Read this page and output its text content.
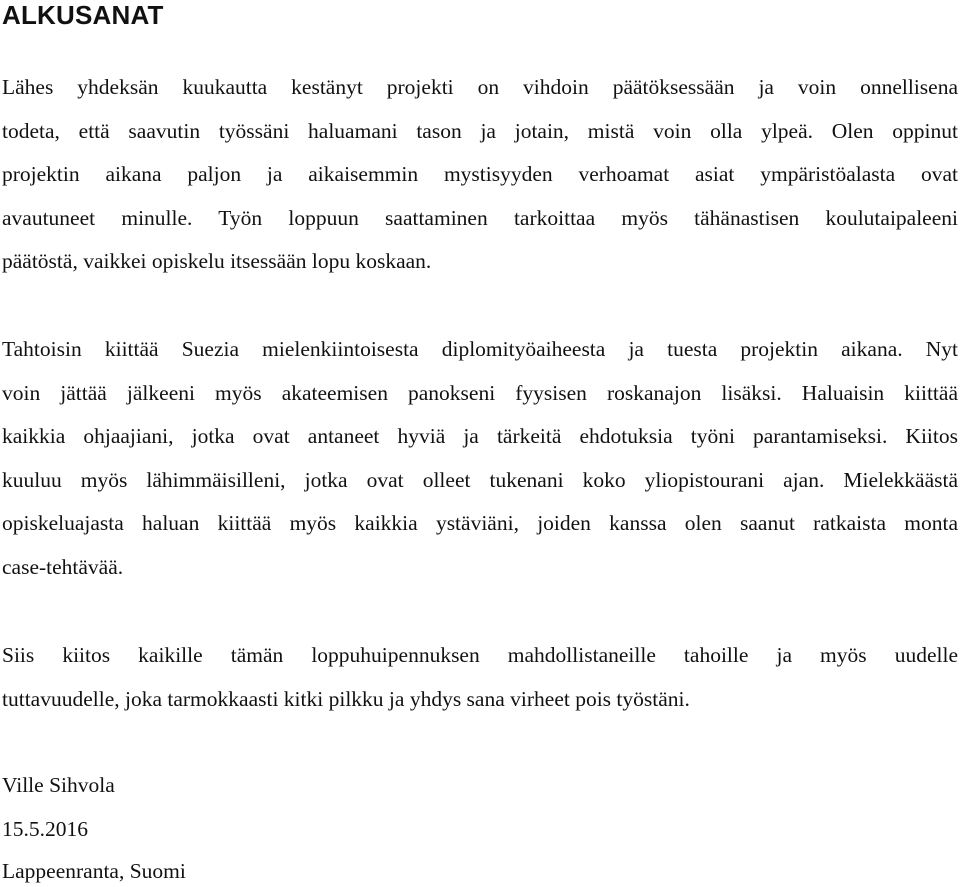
ALKUSANAT

Lähes yhdeksän kuukautta kestänyt projekti on vihdoin päätöksessään ja voin onnellisena
todeta, että saavutin työssäni haluamani tason ja jotain, mistä voin olla ylpeä. Olen oppinut
projektin aikana paljon ja aikaisemmin mystisyyden verhoamat asiat ympäristöalasta ovat
avautuneet minulle. Työn loppuun saattaminen tarkoittaa myös tähänastisen koulutaipaleeni
päätöstä, vaikkei opiskelu itsessään lopu koskaan.

Tahtoisin kiittää Suezia mielenkiintoisesta diplomityöaiheesta ja tuesta projektin aikana. Nyt
voin jättää jälkeeni myös akateemisen panokseni fyysisen roskanajon lisäksi. Haluaisin kiittää
kaikkia ohjaajiani, jotka ovat antaneet hyviä ja tärkeitä ehdotuksia työni parantamiseksi. Kiitos
kuuluu myös lähimmäisilleni, jotka ovat olleet tukenani koko yliopistourani ajan. Mielekkäästä
opiskeluajasta haluan kiittää myös kaikkia ystäviäni, joiden kanssa olen saanut ratkaista monta
case-tehtävää.

Siis kiitos kaikille tämän loppuhuipennuksen mahdollistaneille tahoille ja myös uudelle
tuttavuudelle, joka tarmokkaasti kitki pilkku ja yhdys sana virheet pois työstäni.

Ville Sihvola

15.5.2016

Lappeenranta, Suomi
